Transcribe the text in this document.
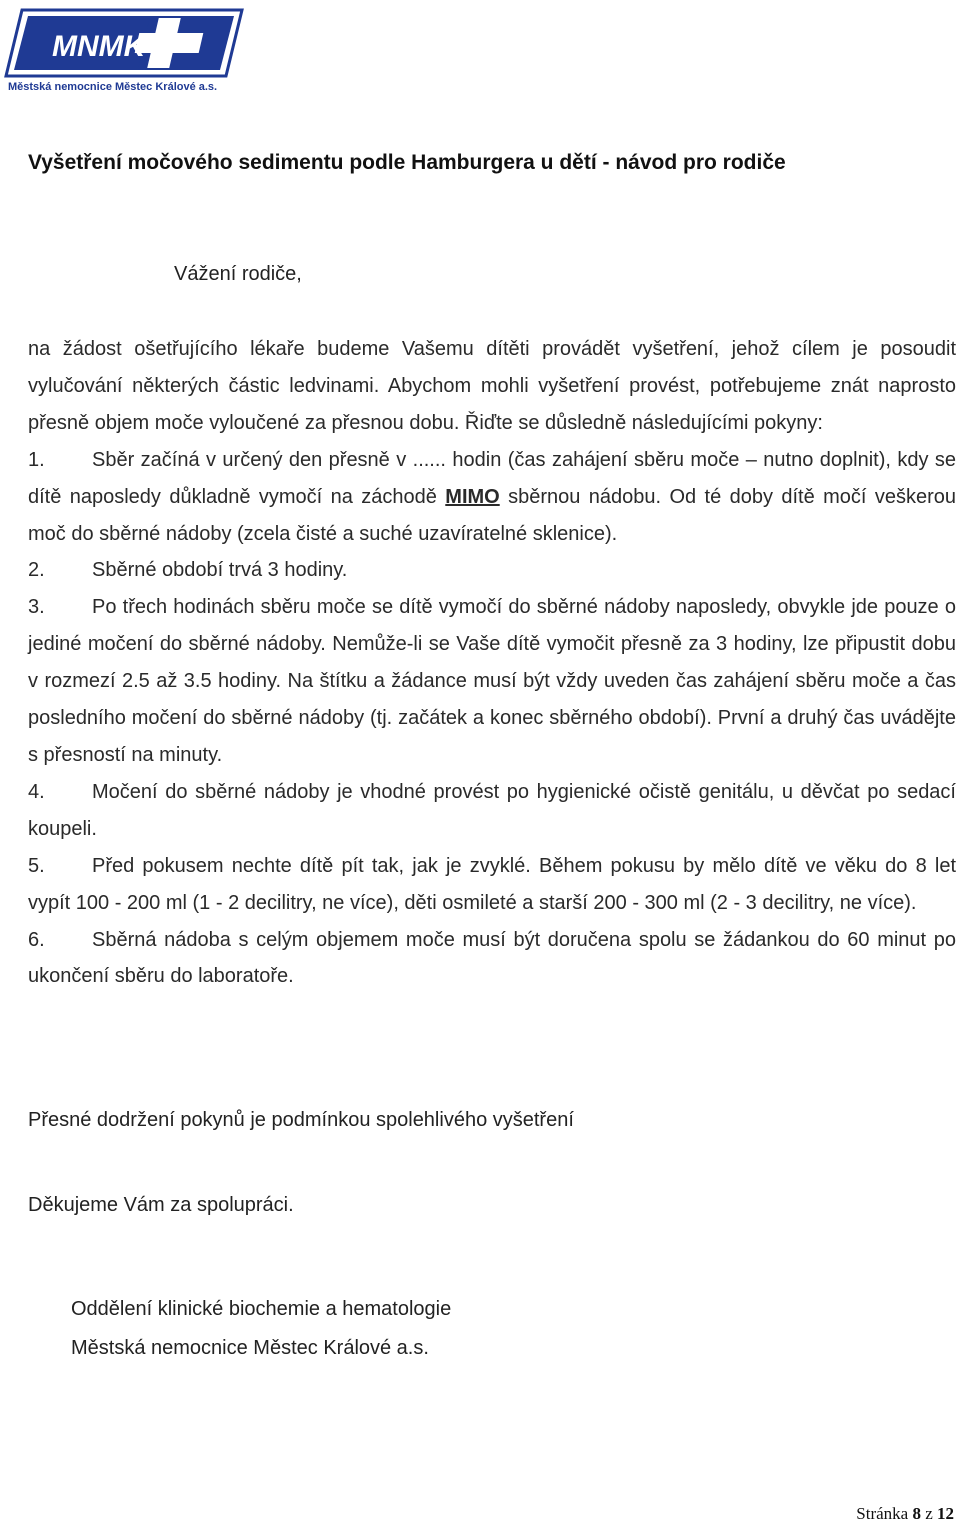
MNMK
Městská nemocnice Městec Králové a.s.
Vyšetření močového sedimentu podle Hamburgera u dětí - návod pro rodiče

Vážení rodiče,

na žádost ošetřujícího lékaře budeme Vašemu dítěti provádět vyšetření, jehož cílem je posoudit vylučování některých částic ledvinami. Abychom mohli vyšetření provést, potřebujeme znát naprosto přesně objem moče vyloučené za přesnou dobu. Řiďte se důsledně následujícími pokyny:

1. Sběr začíná v určený den přesně v ...... hodin (čas zahájení sběru moče – nutno doplnit), kdy se dítě naposledy důkladně vymočí na záchodě MIMO sběrnou nádobu. Od té doby dítě močí veškerou moč do sběrné nádoby (zcela čisté a suché uzavíratelné sklenice).

2. Sběrné období trvá 3 hodiny.

3. Po třech hodinách sběru moče se dítě vymočí do sběrné nádoby naposledy, obvykle jde pouze o jediné močení do sběrné nádoby. Nemůže-li se Vaše dítě vymočit přesně za 3 hodiny, lze připustit dobu v rozmezí 2.5 až 3.5 hodiny. Na štítku a žádance musí být vždy uveden čas zahájení sběru moče a čas posledního močení do sběrné nádoby (tj. začátek a konec sběrného období). První a druhý čas uvádějte s přesností na minuty.

4. Močení do sběrné nádoby je vhodné provést po hygienické očistě genitálu, u děvčat po sedací koupeli.

5. Před pokusem nechte dítě pít tak, jak je zvyklé. Během pokusu by mělo dítě ve věku do 8 let vypít 100 - 200 ml (1 - 2 decilitry, ne více), děti osmileté a starší 200 - 300 ml (2 - 3 decilitry, ne více).

6. Sběrná nádoba s celým objemem moče musí být doručena spolu se žádankou do 60 minut po ukončení sběru do laboratoře.

Přesné dodržení pokynů je podmínkou spolehlivého vyšetření

Děkujeme Vám za spolupráci.

Oddělení klinické biochemie a hematologie

Městská nemocnice Městec Králové a.s.

Stránka 8 z 12
